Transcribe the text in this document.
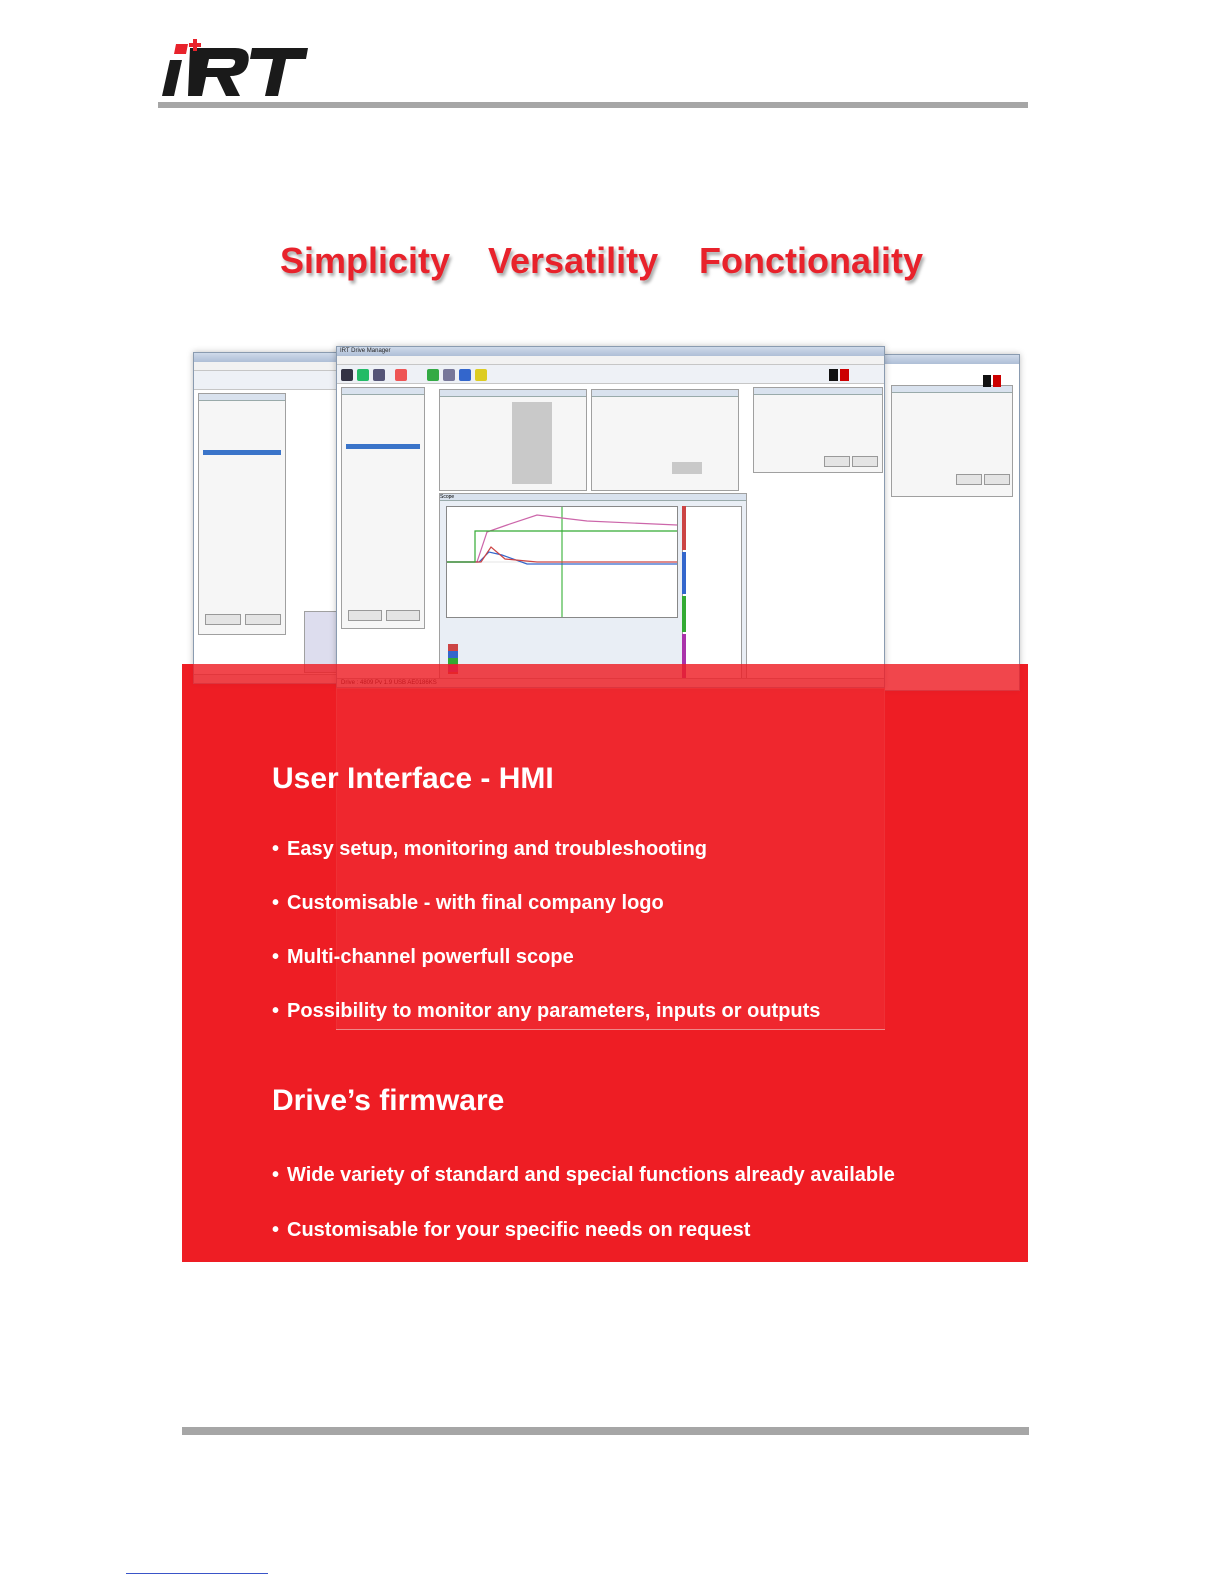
Simplicity Versatility Fonctionality
IRT Drive Manager
Scope
User Interface - HMI
• Easy setup, monitoring and troubleshooting
• Customisable - with final company logo
• Multi-channel powerfull scope
• Possibility to monitor any parameters, inputs or outputs
Drive’s firmware
• Wide variety of standard and special functions already available
• Customisable for your specific needs on request
